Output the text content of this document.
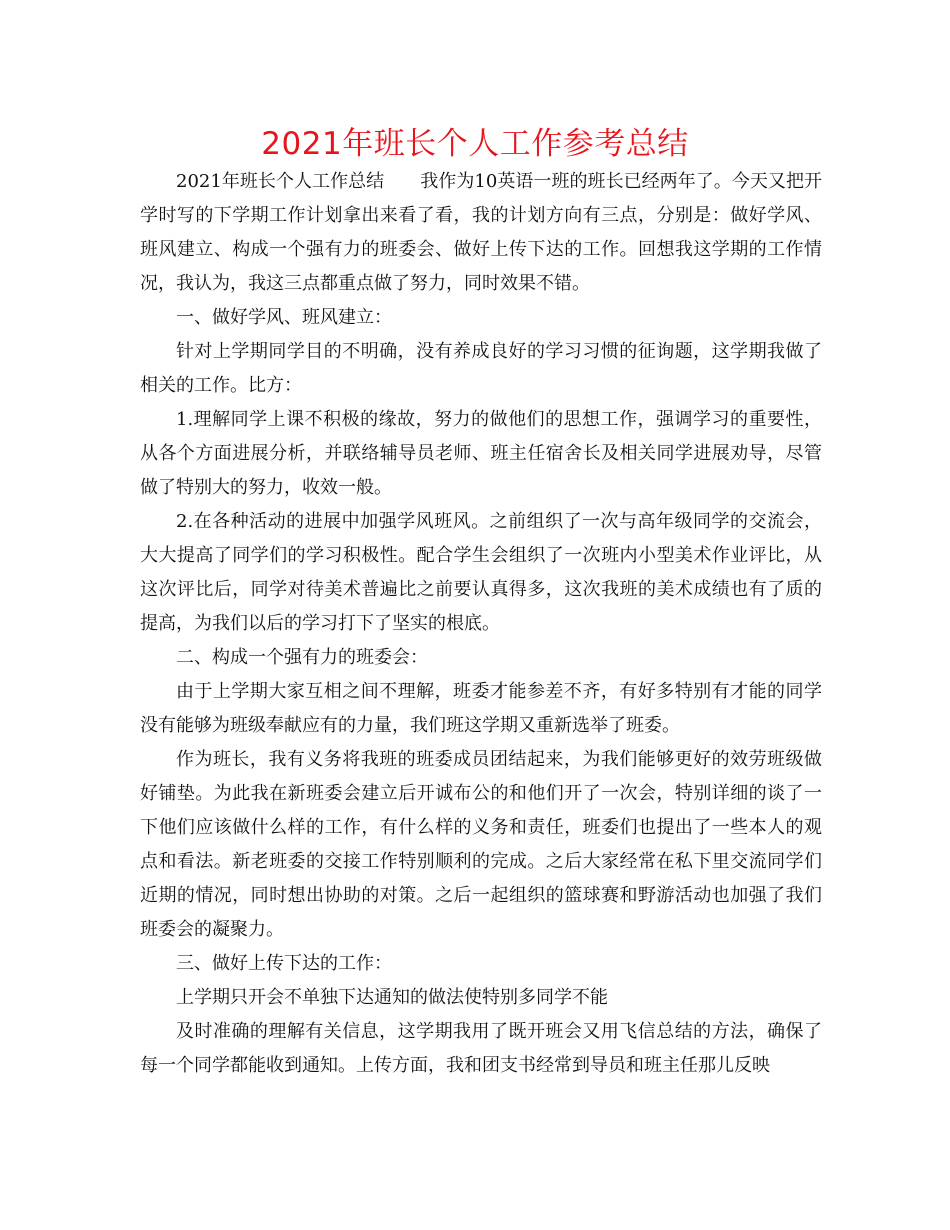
2021年班长个人工作参考总结

2021年班长个人工作总结　　我作为10英语一班的班长已经两年了。今天又把开学时写的下学期工作计划拿出来看了看，我的计划方向有三点，分别是：做好学风、班风建立、构成一个强有力的班委会、做好上传下达的工作。回想我这学期的工作情况，我认为，我这三点都重点做了努力，同时效果不错。

一、做好学风、班风建立：

针对上学期同学目的不明确，没有养成良好的学习习惯的征询题，这学期我做了相关的工作。比方：

1.理解同学上课不积极的缘故，努力的做他们的思想工作，强调学习的重要性，从各个方面进展分析，并联络辅导员老师、班主任宿舍长及相关同学进展劝导，尽管做了特别大的努力，收效一般。

2.在各种活动的进展中加强学风班风。之前组织了一次与高年级同学的交流会，大大提高了同学们的学习积极性。配合学生会组织了一次班内小型美术作业评比，从这次评比后，同学对待美术普遍比之前要认真得多，这次我班的美术成绩也有了质的提高，为我们以后的学习打下了坚实的根底。

二、构成一个强有力的班委会：

由于上学期大家互相之间不理解，班委才能参差不齐，有好多特别有才能的同学没有能够为班级奉献应有的力量，我们班这学期又重新选举了班委。

作为班长，我有义务将我班的班委成员团结起来，为我们能够更好的效劳班级做好铺垫。为此我在新班委会建立后开诚布公的和他们开了一次会，特别详细的谈了一下他们应该做什么样的工作，有什么样的义务和责任，班委们也提出了一些本人的观点和看法。新老班委的交接工作特别顺利的完成。之后大家经常在私下里交流同学们近期的情况，同时想出协助的对策。之后一起组织的篮球赛和野游活动也加强了我们班委会的凝聚力。

三、做好上传下达的工作：

上学期只开会不单独下达通知的做法使特别多同学不能

及时准确的理解有关信息，这学期我用了既开班会又用飞信总结的方法，确保了每一个同学都能收到通知。上传方面，我和团支书经常到导员和班主任那儿反映
